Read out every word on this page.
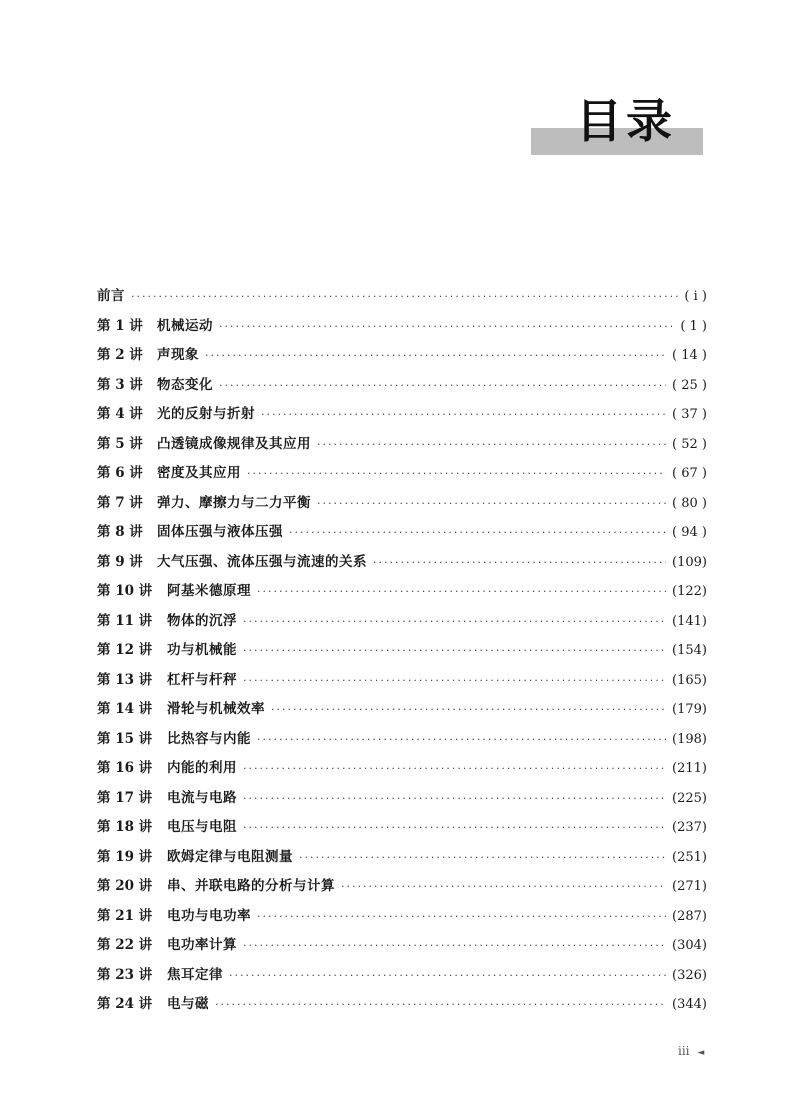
目录
前言 ·····	( ⅰ )
第 1 讲	机械运动 ·····	( 1 )
第 2 讲	声现象 ·····	( 14 )
第 3 讲	物态变化 ·····	( 25 )
第 4 讲	光的反射与折射 ·····	( 37 )
第 5 讲	凸透镜成像规律及其应用 ·····	( 52 )
第 6 讲	密度及其应用 ·····	( 67 )
第 7 讲	弹力、摩擦力与二力平衡 ·····	( 80 )
第 8 讲	固体压强与液体压强 ·····	( 94 )
第 9 讲	大气压强、流体压强与流速的关系 ·····	(109)
第 10 讲	阿基米德原理 ·····	(122)
第 11 讲	物体的沉浮 ·····	(141)
第 12 讲	功与机械能 ·····	(154)
第 13 讲	杠杆与杆秤 ·····	(165)
第 14 讲	滑轮与机械效率 ·····	(179)
第 15 讲	比热容与内能 ·····	(198)
第 16 讲	内能的利用 ·····	(211)
第 17 讲	电流与电路 ·····	(225)
第 18 讲	电压与电阻 ·····	(237)
第 19 讲	欧姆定律与电阻测量 ·····	(251)
第 20 讲	串、并联电路的分析与计算 ·····	(271)
第 21 讲	电功与电功率 ·····	(287)
第 22 讲	电功率计算 ·····	(304)
第 23 讲	焦耳定律 ·····	(326)
第 24 讲	电与磁 ·····	(344)
ⅲ ◄
